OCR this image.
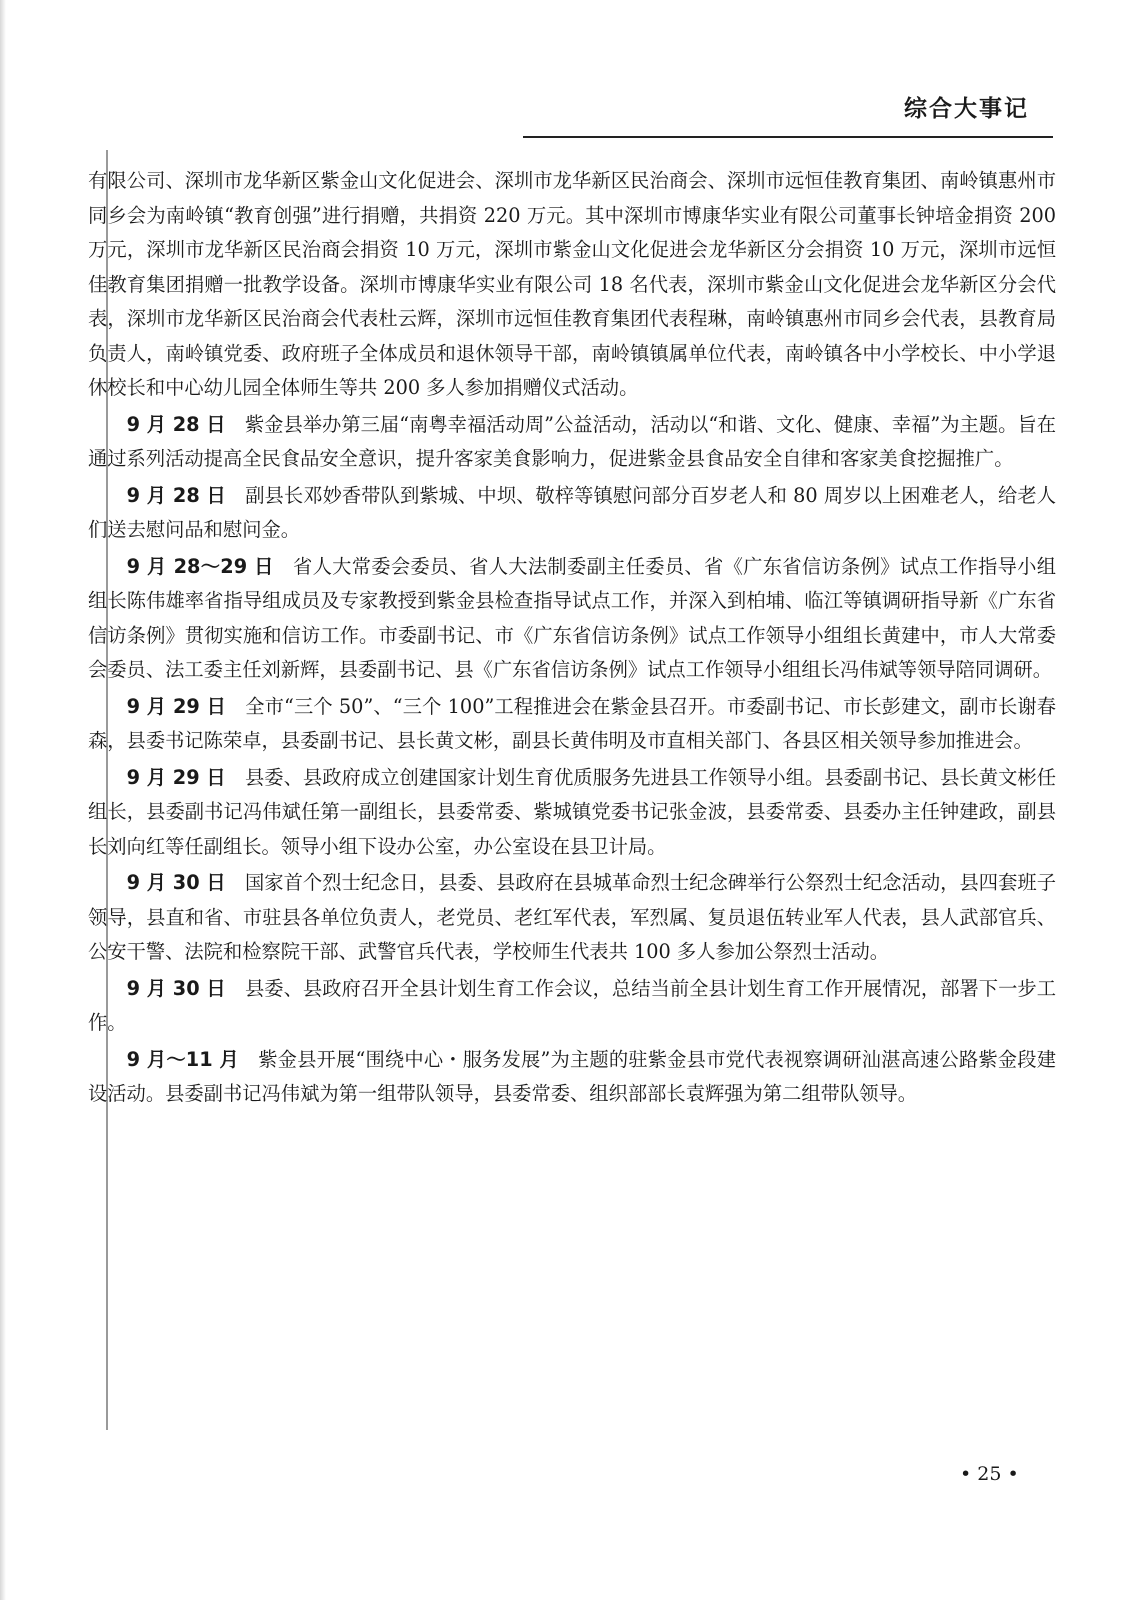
综合大事记

有限公司、深圳市龙华新区紫金山文化促进会、深圳市龙华新区民治商会、深圳市远恒佳教育集团、南岭镇惠州市同乡会为南岭镇“教育创强”进行捐赠，共捐资 220 万元。其中深圳市博康华实业有限公司董事长钟培金捐资 200 万元，深圳市龙华新区民治商会捐资 10 万元，深圳市紫金山文化促进会龙华新区分会捐资 10 万元，深圳市远恒佳教育集团捐赠一批教学设备。深圳市博康华实业有限公司 18 名代表，深圳市紫金山文化促进会龙华新区分会代表，深圳市龙华新区民治商会代表杜云辉，深圳市远恒佳教育集团代表程琳，南岭镇惠州市同乡会代表，县教育局负责人，南岭镇党委、政府班子全体成员和退休领导干部，南岭镇镇属单位代表，南岭镇各中小学校长、中小学退休校长和中心幼儿园全体师生等共 200 多人参加捐赠仪式活动。

9 月 28 日 紫金县举办第三届“南粤幸福活动周”公益活动，活动以“和谐、文化、健康、幸福”为主题。旨在通过系列活动提高全民食品安全意识，提升客家美食影响力，促进紫金县食品安全自律和客家美食挖掘推广。

9 月 28 日 副县长邓妙香带队到紫城、中坝、敬梓等镇慰问部分百岁老人和 80 周岁以上困难老人，给老人们送去慰问品和慰问金。

9 月 28～29 日 省人大常委会委员、省人大法制委副主任委员、省《广东省信访条例》试点工作指导小组组长陈伟雄率省指导组成员及专家教授到紫金县检查指导试点工作，并深入到柏埔、临江等镇调研指导新《广东省信访条例》贯彻实施和信访工作。市委副书记、市《广东省信访条例》试点工作领导小组组长黄建中，市人大常委会委员、法工委主任刘新辉，县委副书记、县《广东省信访条例》试点工作领导小组组长冯伟斌等领导陪同调研。

9 月 29 日 全市“三个 50”、“三个 100”工程推进会在紫金县召开。市委副书记、市长彭建文，副市长谢春森，县委书记陈荣卓，县委副书记、县长黄文彬，副县长黄伟明及市直相关部门、各县区相关领导参加推进会。

9 月 29 日 县委、县政府成立创建国家计划生育优质服务先进县工作领导小组。县委副书记、县长黄文彬任组长，县委副书记冯伟斌任第一副组长，县委常委、紫城镇党委书记张金波，县委常委、县委办主任钟建政，副县长刘向红等任副组长。领导小组下设办公室，办公室设在县卫计局。

9 月 30 日 国家首个烈士纪念日，县委、县政府在县城革命烈士纪念碑举行公祭烈士纪念活动，县四套班子领导，县直和省、市驻县各单位负责人，老党员、老红军代表，军烈属、复员退伍转业军人代表，县人武部官兵、公安干警、法院和检察院干部、武警官兵代表，学校师生代表共 100 多人参加公祭烈士活动。

9 月 30 日 县委、县政府召开全县计划生育工作会议，总结当前全县计划生育工作开展情况，部署下一步工作。

9 月～11 月 紫金县开展“围绕中心・服务发展”为主题的驻紫金县市党代表视察调研汕湛高速公路紫金段建设活动。县委副书记冯伟斌为第一组带队领导，县委常委、组织部部长袁辉强为第二组带队领导。

• 25 •
